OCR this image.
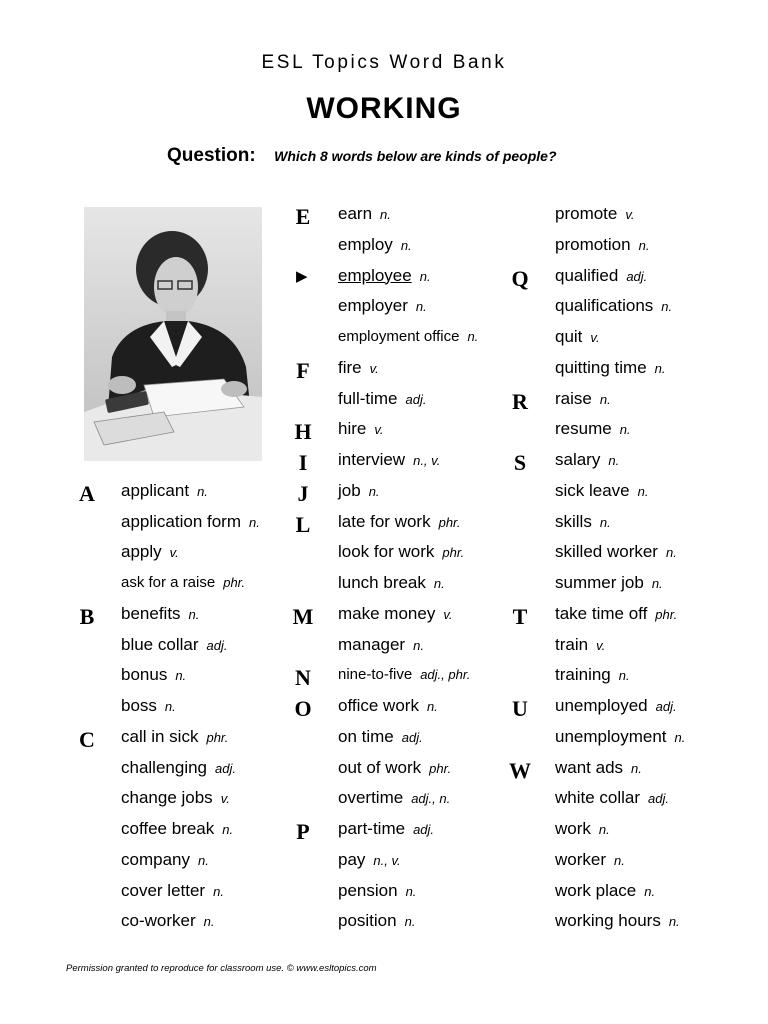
ESL Topics Word Bank
WORKING
Question: Which 8 words below are kinds of people?
applicant n.
application form n.
apply v.
ask for a raise phr.
benefits n.
blue collar adj.
bonus n.
boss n.
call in sick phr.
challenging adj.
change jobs v.
coffee break n.
company n.
cover letter n.
co-worker n.
A
B
C
earn n.
employ n.
employee n.
employer n.
employment office n.
fire v.
full-time adj.
hire v.
interview n., v.
job n.
late for work phr.
look for work phr.
lunch break n.
make money v.
manager n.
nine-to-five adj., phr.
office work n.
on time adj.
out of work phr.
overtime adj., n.
part-time adj.
pay n., v.
pension n.
position n.
E
F
H
I
J
L
M
N
O
P
▶
promote v.
promotion n.
qualified adj.
qualifications n.
quit v.
quitting time n.
raise n.
resume n.
salary n.
sick leave n.
skills n.
skilled worker n.
summer job n.
take time off phr.
train v.
training n.
unemployed adj.
unemployment n.
want ads n.
white collar adj.
work n.
worker n.
work place n.
working hours n.
Q
R
S
T
U
W
Permission granted to reproduce for classroom use. © www.esltopics.com
